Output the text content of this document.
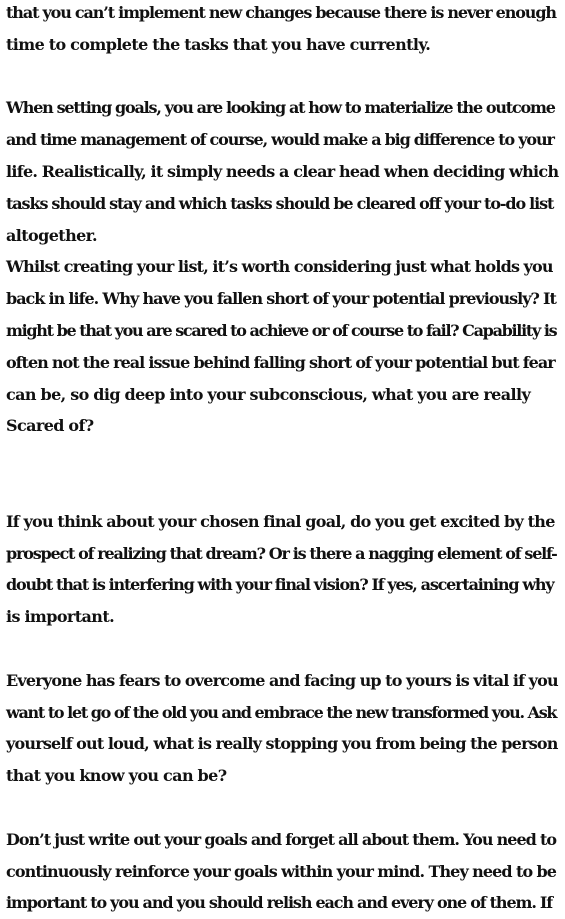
that you can’t implement new changes because there is never enough
time to complete the tasks that you have currently.
When setting goals, you are looking at how to materialize the outcome
and time management of course, would make a big difference to your
life. Realistically, it simply needs a clear head when deciding which
tasks should stay and which tasks should be cleared off your to-do list
altogether.
Whilst creating your list, it’s worth considering just what holds you
back in life. Why have you fallen short of your potential previously? It
might be that you are scared to achieve or of course to fail? Capability is
often not the real issue behind falling short of your potential but fear
can be, so dig deep into your subconscious, what you are really
Scared of?
If you think about your chosen final goal, do you get excited by the
prospect of realizing that dream? Or is there a nagging element of self-
doubt that is interfering with your final vision? If yes, ascertaining why
is important.
Everyone has fears to overcome and facing up to yours is vital if you
want to let go of the old you and embrace the new transformed you. Ask
yourself out loud, what is really stopping you from being the person
that you know you can be?
Don’t just write out your goals and forget all about them. You need to
continuously reinforce your goals within your mind. They need to be
important to you and you should relish each and every one of them. If
